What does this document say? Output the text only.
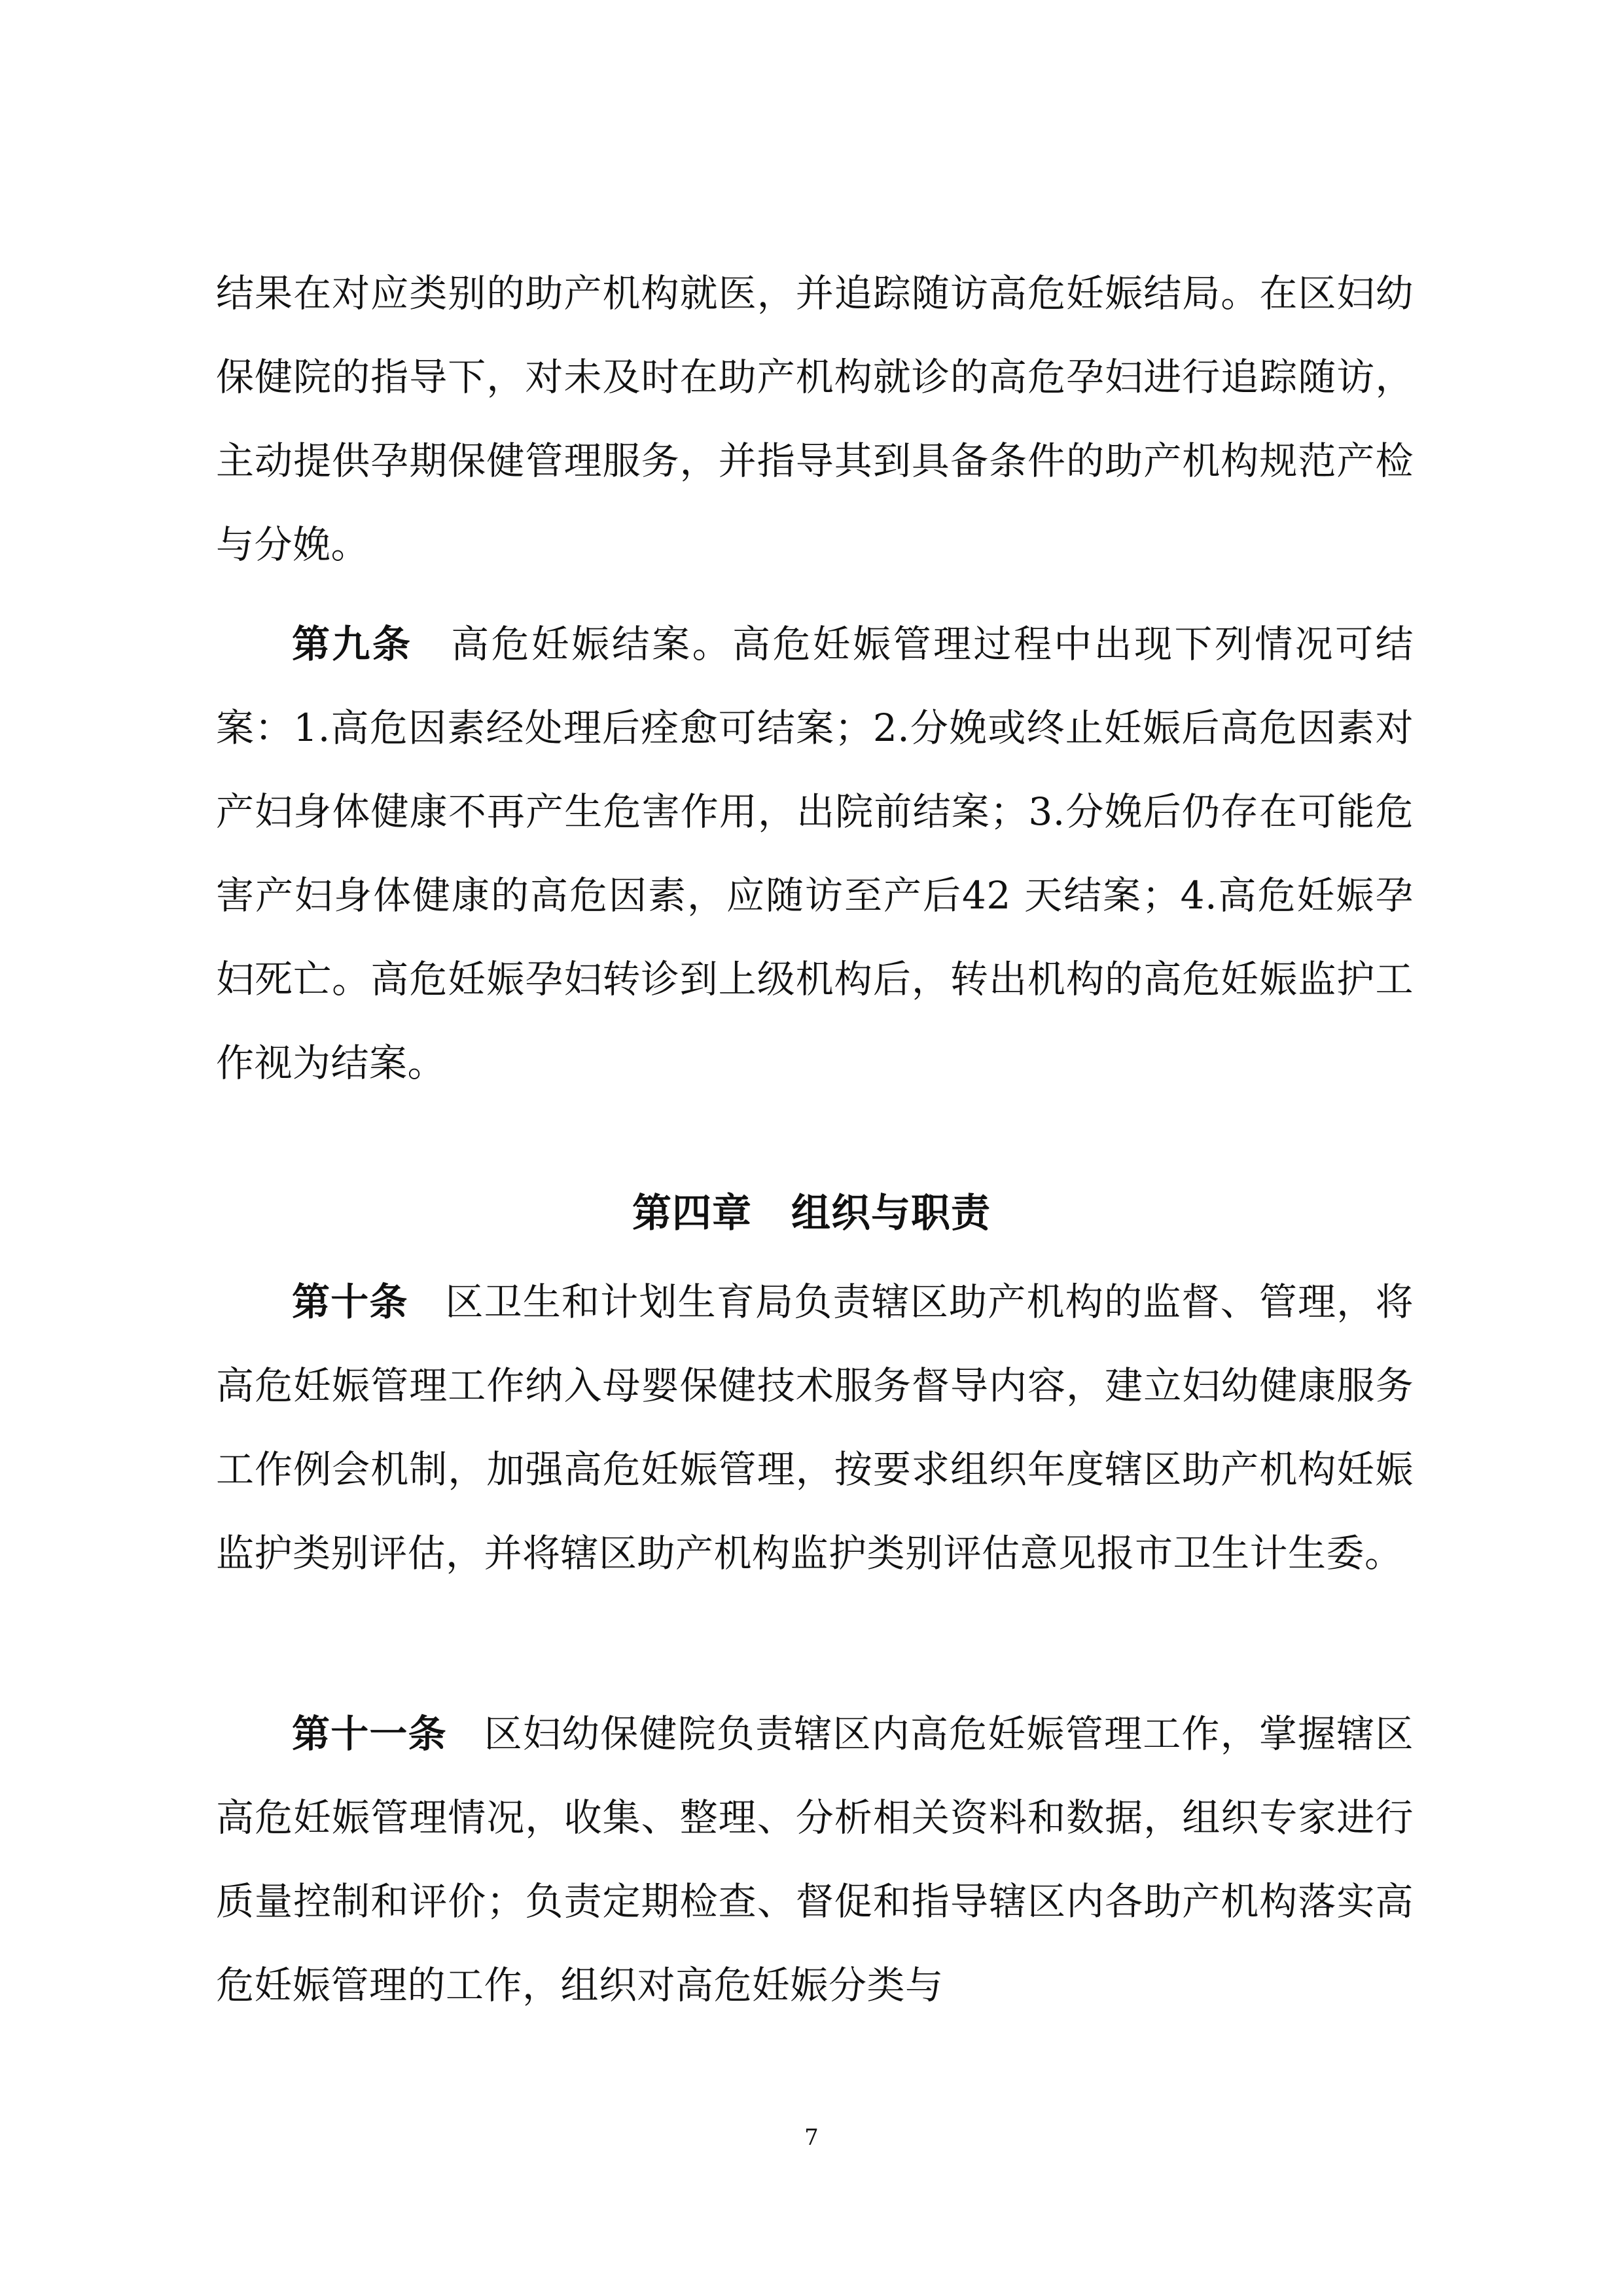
结果在对应类别的助产机构就医，并追踪随访高危妊娠结局。在区妇幼保健院的指导下，对未及时在助产机构就诊的高危孕妇进行追踪随访，主动提供孕期保健管理服务，并指导其到具备条件的助产机构规范产检与分娩。

第九条 高危妊娠结案。高危妊娠管理过程中出现下列情况可结案：1.高危因素经处理后痊愈可结案；2.分娩或终止妊娠后高危因素对产妇身体健康不再产生危害作用，出院前结案；3.分娩后仍存在可能危害产妇身体健康的高危因素，应随访至产后42 天结案；4.高危妊娠孕妇死亡。高危妊娠孕妇转诊到上级机构后，转出机构的高危妊娠监护工作视为结案。

第四章 组织与职责

第十条 区卫生和计划生育局负责辖区助产机构的监督、管理，将高危妊娠管理工作纳入母婴保健技术服务督导内容，建立妇幼健康服务工作例会机制，加强高危妊娠管理，按要求组织年度辖区助产机构妊娠监护类别评估，并将辖区助产机构监护类别评估意见报市卫生计生委。

第十一条 区妇幼保健院负责辖区内高危妊娠管理工作，掌握辖区高危妊娠管理情况，收集、整理、分析相关资料和数据，组织专家进行质量控制和评价；负责定期检查、督促和指导辖区内各助产机构落实高危妊娠管理的工作，组织对高危妊娠分类与

7
